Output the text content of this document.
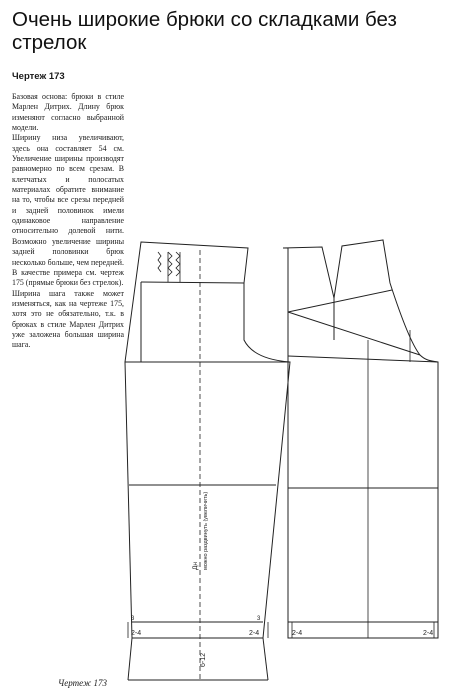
Очень широкие брюки со складками без стрелок

Чертеж 173

Базовая основа: брюки в стиле Марлен Дитрих. Длину брюк изменяют согласно выбранной модели.

Ширину низа увеличивают, здесь она составляет 54 см. Увеличение ширины производят равномерно по всем срезам. В клетчатых и полосатых материалах обратите внимание на то, чтобы все срезы передней и задней половинок имели одинаковое направление относительно долевой нити. Возможно увеличение ширины задней половинки брюк несколько больше, чем передней. В качестве примера см. чертеж 175 (прямые брюки без стрелок).

Ширина шага также может изменяться, как на чертеже 175, хотя это не обязательно, т.к. в брюках в стиле Марлен Дитрих уже заложена большая ширина шага.

2-4	2-4	2-4	2-4
3	3
6-12
Дн можно раздвинуть (увеличить)
Чертеж 173
